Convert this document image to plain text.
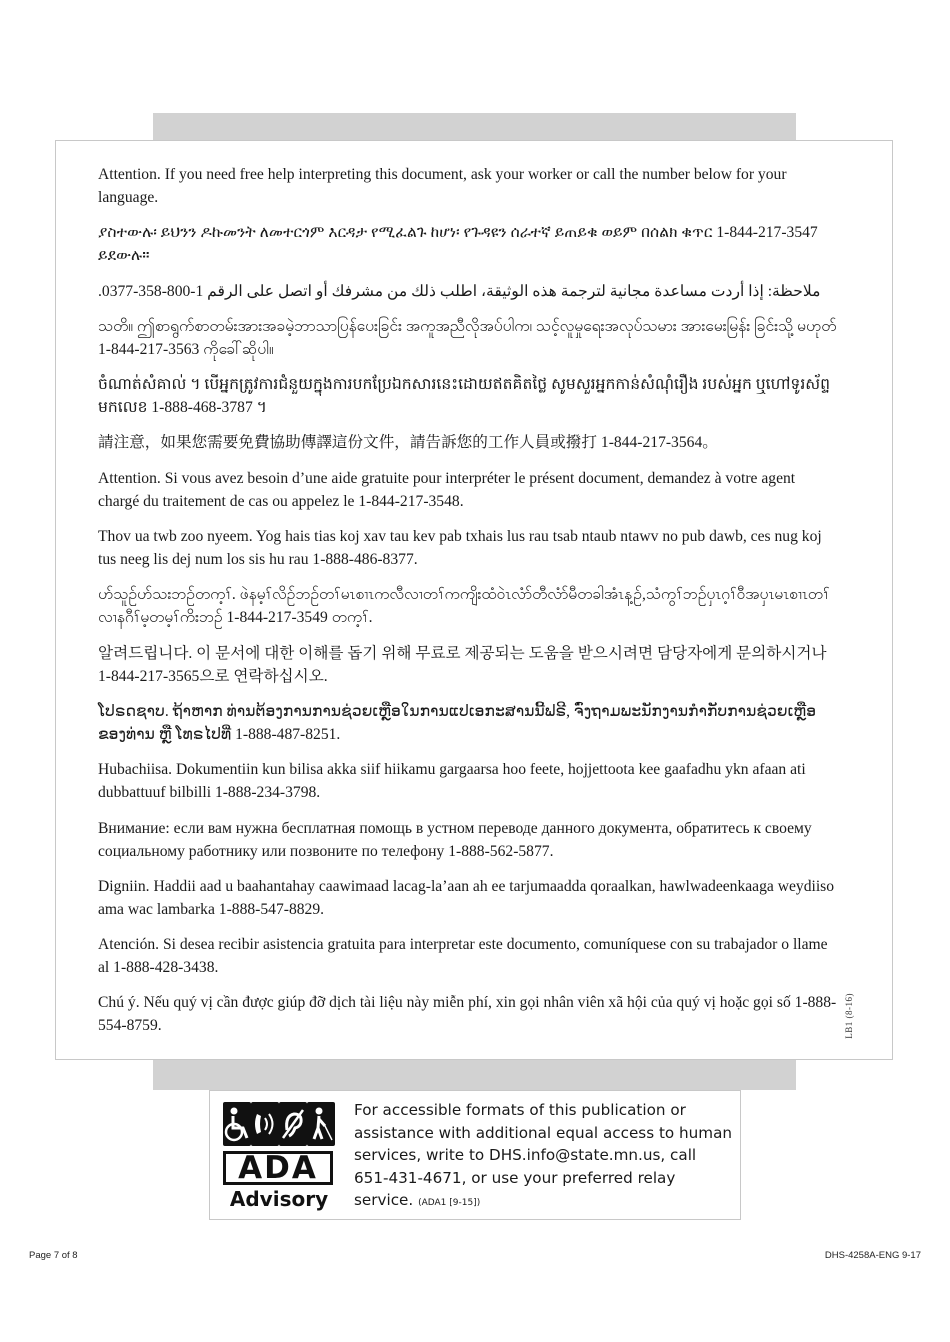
Attention. If you need free help interpreting this document, ask your worker or call the number below for your language.

ያስተውሉ፡ ይህንን ዶኩመንት ለመተርጎም እርዳታ የሚፈልጉ ከሆነ፡ የጉዳዩን ሰራተኛ ይጠይቁ ወይም በሰልክ ቁጥር 1-844-217-3547 ይደውሉ።

ملاحظة: إذا أردت مساعدة مجانية لترجمة هذه الوثيقة، اطلب ذلك من مشرفك أو اتصل على الرقم 1-800-358-0377.

သတိ။ ဤစာရွက်စာတမ်းအားအခမဲ့ဘာသာပြန်ပေးခြင်း အကူအညီလိုအပ်ပါက၊ သင့်လူမှုရေးအလုပ်သမား အားမေးမြန်း ခြင်းသို့ မဟုတ် 1-844-217-3563 ကိုခေါ်ဆိုပါ။

ចំណាត់សំគាល់ ។ បើអ្នកត្រូវការជំនួយក្នុងការបកប្រែឯកសារនេះដោយឥតគិតថ្លៃ សូមសួរអ្នកកាន់សំណុំរឿង របស់អ្នក ឬហៅទូរស័ព្ទមកលេខ 1-888-468-3787 ។

請注意，如果您需要免費協助傳譯這份文件，請告訴您的工作人員或撥打 1-844-217-3564。

Attention. Si vous avez besoin d’une aide gratuite pour interpréter le présent document, demandez à votre agent chargé du traitement de cas ou appelez le 1-844-217-3548.

Thov ua twb zoo nyeem. Yog hais tias koj xav tau kev pab txhais lus rau tsab ntaub ntawv no pub dawb, ces nug koj tus neeg lis dej num los sis hu rau 1-888-486-8377.

ဟ်သူဉ်ဟ်သးဘဉ်တက့ၢ်. ဖဲနမ့ၢ်လိဉ်ဘဉ်တၢ်မၤစၢၤကလီလၢတၢ်ကကျိးထံဝဲၤလံာ်တီလံာ်မီတခါအံၤန့ဉ်,သံကွၢ်ဘဉ်ပှၤဂ့ၢ်ဝီအပှၤမၤစၢၤတၢ်လၢနဂီၢ်မ့တမ့ၢ်ကိးဘဉ် 1-844-217-3549 တက့ၢ်.

알려드립니다. 이 문서에 대한 이해를 돕기 위해 무료로 제공되는 도움을 받으시려면 담당자에게 문의하시거나 1-844-217-3565으로 연락하십시오.

ໂປຣດຊາບ. ຖ້າຫາກ ທ່ານຕ້ອງການການຊ່ວຍເຫຼືອໃນການແປເອກະສານນີ້ຟຣີ, ຈົ່ງຖາມພະນັກງານກໍາກັບການຊ່ວຍເຫຼືອ ຂອງທ່ານ ຫຼື ໂທຣໄປທີ່ 1-888-487-8251.

Hubachiisa. Dokumentiin kun bilisa akka siif hiikamu gargaarsa hoo feete, hojjettoota kee gaafadhu ykn afaan ati dubbattuuf bilbilli 1-888-234-3798.

Внимание: если вам нужна бесплатная помощь в устном переводе данного документа, обратитесь к своему социальному работнику или позвоните по телефону 1-888-562-5877.

Digniin. Haddii aad u baahantahay caawimaad lacag-la’aan ah ee tarjumaadda qoraalkan, hawlwadeenkaaga weydiiso ama wac lambarka 1-888-547-8829.

Atención. Si desea recibir asistencia gratuita para interpretar este documento, comuníquese con su trabajador o llame al 1-888-428-3438.

Chú ý. Nếu quý vị cần được giúp đỡ dịch tài liệu này miễn phí, xin gọi nhân viên xã hội của quý vị hoặc gọi số 1-888-554-8759.	LB1 (8-16)
ADA
Advisory
For accessible formats of this publication or assistance with additional equal access to human services, write to DHS.info@state.mn.us, call 651-431-4671, or use your preferred relay service. (ADA1 [9-15])
Page 7 of 8	DHS-4258A-ENG 9-17
